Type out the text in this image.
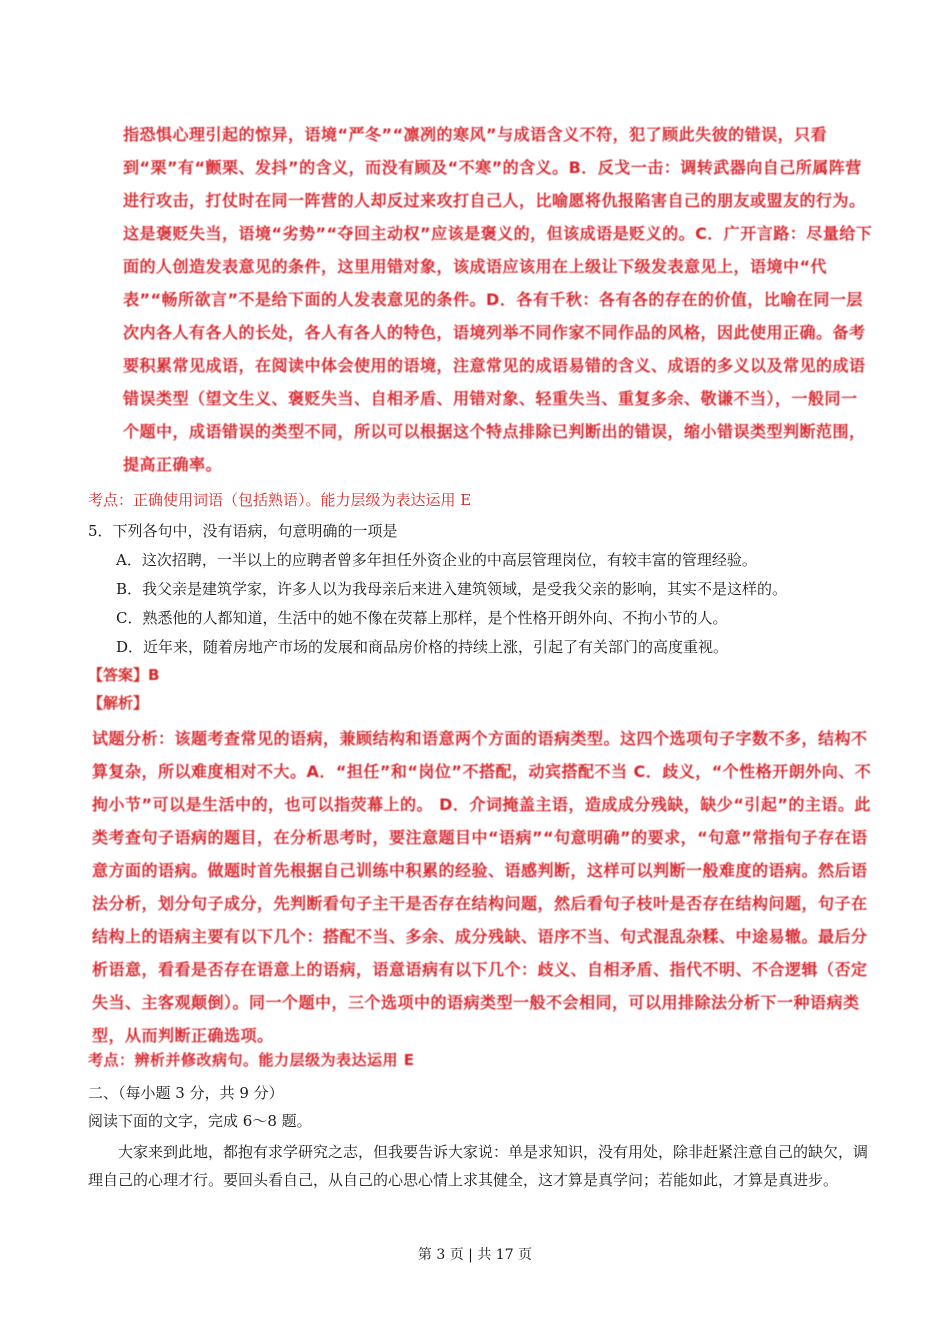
指恐惧心理引起的惊异，语境“严冬”“凛冽的寒风”与成语含义不符，犯了顾此失彼的错误，只看到“栗”有“颤栗、发抖”的含义，而没有顾及“不寒”的含义。B．反戈一击：调转武器向自己所属阵营进行攻击，打仗时在同一阵营的人却反过来攻打自己人，比喻愿将仇报陷害自己的朋友或盟友的行为。这是褒贬失当，语境“劣势”“夺回主动权”应该是褒义的，但该成语是贬义的。C．广开言路：尽量给下面的人创造发表意见的条件，这里用错对象，该成语应该用在上级让下级发表意见上，语境中“代表”“畅所欲言”不是给下面的人发表意见的条件。D．各有千秋：各有各的存在的价值，比喻在同一层次内各人有各人的长处，各人有各人的特色，语境列举不同作家不同作品的风格，因此使用正确。备考要积累常见成语，在阅读中体会使用的语境，注意常见的成语易错的含义、成语的多义以及常见的成语错误类型（望文生义、褒贬失当、自相矛盾、用错对象、轻重失当、重复多余、敬谦不当），一般同一个题中，成语错误的类型不同，所以可以根据这个特点排除已判断出的错误，缩小错误类型判断范围，提高正确率。

考点：正确使用词语（包括熟语）。能力层级为表达运用 E

5．下列各句中，没有语病，句意明确的一项是

A．这次招聘，一半以上的应聘者曾多年担任外资企业的中高层管理岗位，有较丰富的管理经验。

B．我父亲是建筑学家，许多人以为我母亲后来进入建筑领域，是受我父亲的影响，其实不是这样的。

C．熟悉他的人都知道，生活中的她不像在荧幕上那样，是个性格开朗外向、不拘小节的人。

D．近年来，随着房地产市场的发展和商品房价格的持续上涨，引起了有关部门的高度重视。

【答案】B

【解析】

试题分析：该题考查常见的语病，兼顾结构和语意两个方面的语病类型。这四个选项句子字数不多，结构不算复杂，所以难度相对不大。A．“担任”和“岗位”不搭配，动宾搭配不当 C．歧义，“个性格开朗外向、不拘小节”可以是生活中的，也可以指荧幕上的。 D．介词掩盖主语，造成成分残缺，缺少“引起”的主语。此类考查句子语病的题目，在分析思考时，要注意题目中“语病”“句意明确”的要求，“句意”常指句子存在语意方面的语病。做题时首先根据自己训练中积累的经验、语感判断，这样可以判断一般难度的语病。然后语法分析，划分句子成分，先判断看句子主干是否存在结构问题，然后看句子枝叶是否存在结构问题，句子在结构上的语病主要有以下几个：搭配不当、多余、成分残缺、语序不当、句式混乱杂糅、中途易辙。最后分析语意，看看是否存在语意上的语病，语意语病有以下几个：歧义、自相矛盾、指代不明、不合逻辑（否定失当、主客观颠倒）。同一个题中，三个选项中的语病类型一般不会相同，可以用排除法分析下一种语病类型，从而判断正确选项。

考点：辨析并修改病句。能力层级为表达运用 E

二、（每小题 3 分，共 9 分）

阅读下面的文字，完成 6～8 题。

大家来到此地，都抱有求学研究之志，但我要告诉大家说：单是求知识，没有用处，除非赶紧注意自己的缺欠，调理自己的心理才行。要回头看自己，从自己的心思心情上求其健全，这才算是真学问；若能如此，才算是真进步。

第 3 页 | 共 17 页
